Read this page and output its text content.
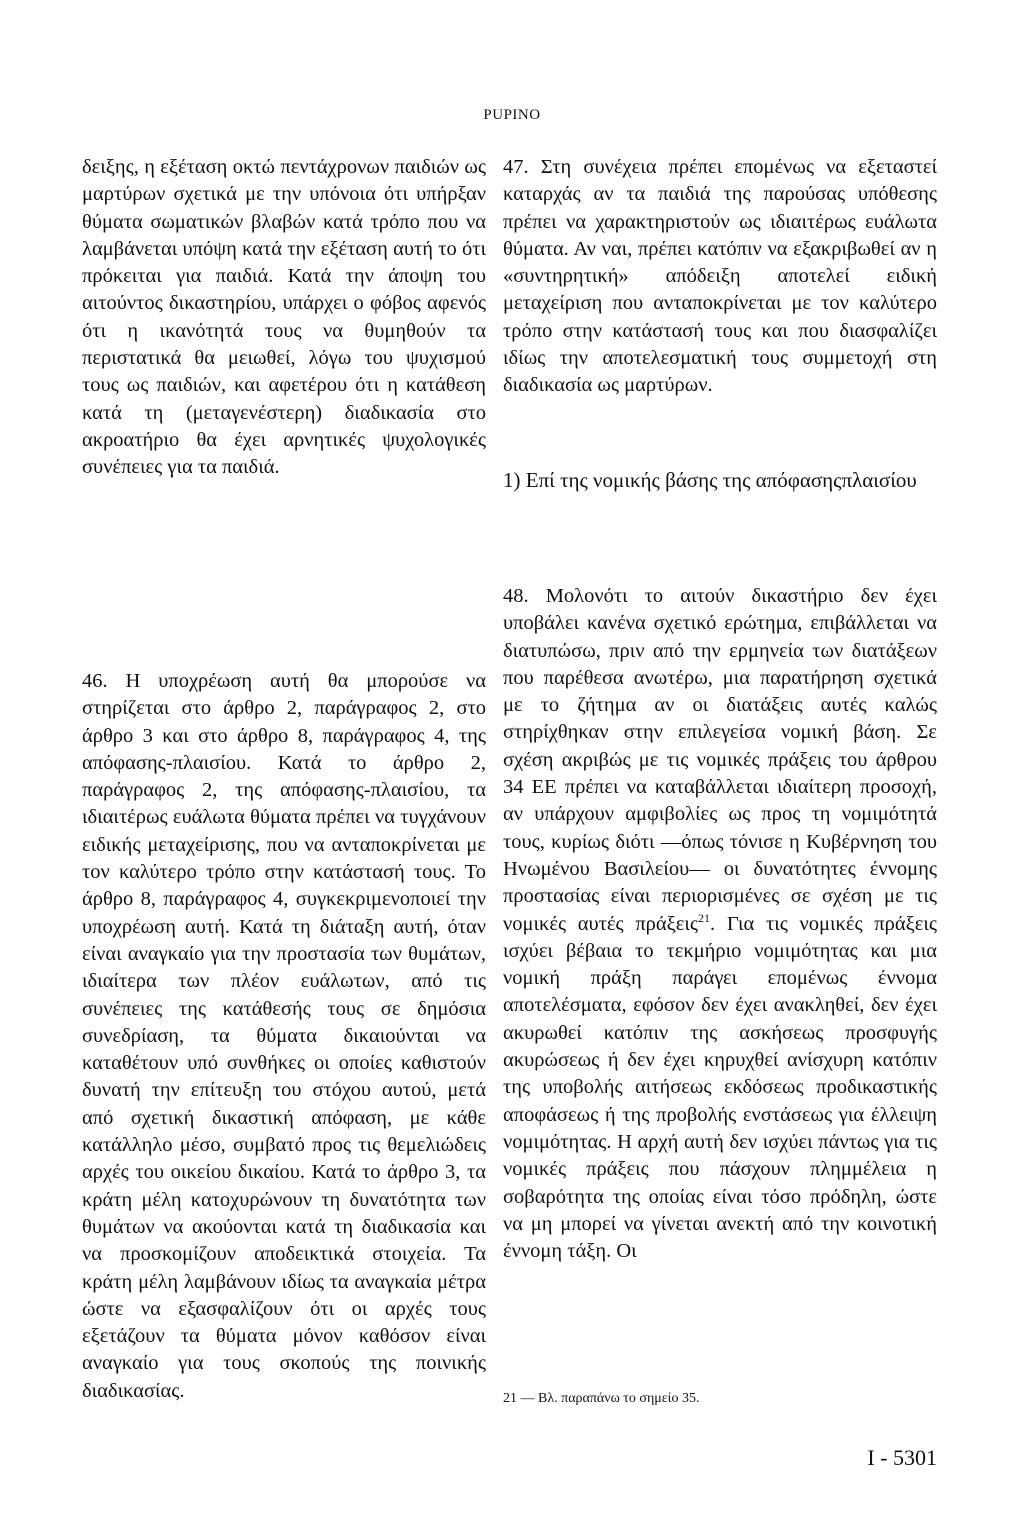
PUPINO

δειξης, η εξέταση οκτώ πεντάχρονων παιδιών ως μαρτύρων σχετικά με την υπόνοια ότι υπήρξαν θύματα σωματικών βλαβών κατά τρόπο που να λαμβάνεται υπόψη κατά την εξέταση αυτή το ότι πρόκειται για παιδιά. Κατά την άποψη του αιτούντος δικαστηρίου, υπάρχει ο φόβος αφενός ότι η ικανότητά τους να θυμηθούν τα περιστατικά θα μειωθεί, λόγω του ψυχισμού τους ως παιδιών, και αφετέρου ότι η κατάθεση κατά τη (μεταγενέστερη) διαδικασία στο ακροατήριο θα έχει αρνητικές ψυχολογικές συνέπειες για τα παιδιά.

46. Η υποχρέωση αυτή θα μπορούσε να στηρίζεται στο άρθρο 2, παράγραφος 2, στο άρθρο 3 και στο άρθρο 8, παράγραφος 4, της απόφασης-πλαισίου. Κατά το άρθρο 2, παράγραφος 2, της απόφασης-πλαισίου, τα ιδιαιτέρως ευάλωτα θύματα πρέπει να τυγχάνουν ειδικής μεταχείρισης, που να ανταποκρίνεται με τον καλύτερο τρόπο στην κατάστασή τους. Το άρθρο 8, παράγραφος 4, συγκεκριμενοποιεί την υποχρέωση αυτή. Κατά τη διάταξη αυτή, όταν είναι αναγκαίο για την προστασία των θυμάτων, ιδιαίτερα των πλέον ευάλωτων, από τις συνέπειες της κατάθεσής τους σε δημόσια συνεδρίαση, τα θύματα δικαιούνται να καταθέτουν υπό συνθήκες οι οποίες καθιστούν δυνατή την επίτευξη του στόχου αυτού, μετά από σχετική δικαστική απόφαση, με κάθε κατάλληλο μέσο, συμβατό προς τις θεμελιώδεις αρχές του οικείου δικαίου. Κατά το άρθρο 3, τα κράτη μέλη κατοχυρώνουν τη δυνατότητα των θυμάτων να ακούονται κατά τη διαδικασία και να προσκομίζουν αποδεικτικά στοιχεία. Τα κράτη μέλη λαμβάνουν ιδίως τα αναγκαία μέτρα ώστε να εξασφαλίζουν ότι οι αρχές τους εξετάζουν τα θύματα μόνον καθόσον είναι αναγκαίο για τους σκοπούς της ποινικής διαδικασίας.

47. Στη συνέχεια πρέπει επομένως να εξεταστεί καταρχάς αν τα παιδιά της παρούσας υπόθεσης πρέπει να χαρακτηριστούν ως ιδιαιτέρως ευάλωτα θύματα. Αν ναι, πρέπει κατόπιν να εξακριβωθεί αν η «συντηρητική» απόδειξη αποτελεί ειδική μεταχείριση που ανταποκρίνεται με τον καλύτερο τρόπο στην κατάστασή τους και που διασφαλίζει ιδίως την αποτελεσματική τους συμμετοχή στη διαδικασία ως μαρτύρων.

1) Επί της νομικής βάσης της απόφασηςπλαισίου

48. Μολονότι το αιτούν δικαστήριο δεν έχει υποβάλει κανένα σχετικό ερώτημα, επιβάλλεται να διατυπώσω, πριν από την ερμηνεία των διατάξεων που παρέθεσα ανωτέρω, μια παρατήρηση σχετικά με το ζήτημα αν οι διατάξεις αυτές καλώς στηρίχθηκαν στην επιλεγείσα νομική βάση. Σε σχέση ακριβώς με τις νομικές πράξεις του άρθρου 34 ΕΕ πρέπει να καταβάλλεται ιδιαίτερη προσοχή, αν υπάρχουν αμφιβολίες ως προς τη νομιμότητά τους, κυρίως διότι —όπως τόνισε η Κυβέρνηση του Ηνωμένου Βασιλείου— οι δυνατότητες έννομης προστασίας είναι περιορισμένες σε σχέση με τις νομικές αυτές πράξεις$^{21}$. Για τις νομικές πράξεις ισχύει βέβαια το τεκμήριο νομιμότητας και μια νομική πράξη παράγει επομένως έννομα αποτελέσματα, εφόσον δεν έχει ανακληθεί, δεν έχει ακυρωθεί κατόπιν της ασκήσεως προσφυγής ακυρώσεως ή δεν έχει κηρυχθεί ανίσχυρη κατόπιν της υποβολής αιτήσεως εκδόσεως προδικαστικής αποφάσεως ή της προβολής ενστάσεως για έλλειψη νομιμότητας. Η αρχή αυτή δεν ισχύει πάντως για τις νομικές πράξεις που πάσχουν πλημμέλεια η σοβαρότητα της οποίας είναι τόσο πρόδηλη, ώστε να μη μπορεί να γίνεται ανεκτή από την κοινοτική έννομη τάξη. Οι

21 — Βλ. παραπάνω το σημείο 35.
I - 5301
